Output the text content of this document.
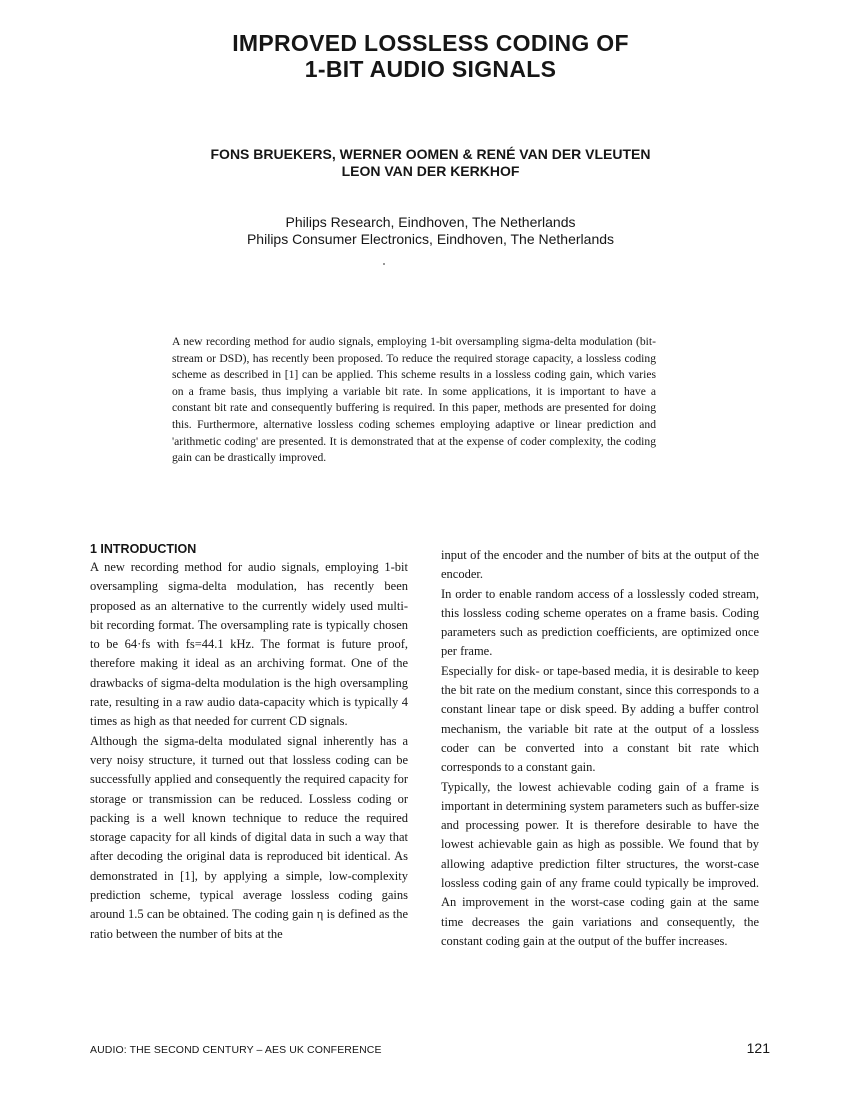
IMPROVED LOSSLESS CODING OF
1-BIT AUDIO SIGNALS
FONS BRUEKERS, WERNER OOMEN & RENÉ VAN DER VLEUTEN
LEON VAN DER KERKHOF
Philips Research, Eindhoven, The Netherlands
Philips Consumer Electronics, Eindhoven, The Netherlands
A new recording method for audio signals, employing 1-bit oversampling sigma-delta modulation (bit-stream or DSD), has recently been proposed. To reduce the required storage capacity, a lossless coding scheme as described in [1] can be applied. This scheme results in a lossless coding gain, which varies on a frame basis, thus implying a variable bit rate. In some applications, it is important to have a constant bit rate and consequently buffering is required. In this paper, methods are presented for doing this. Furthermore, alternative lossless coding schemes employing adaptive or linear prediction and 'arithmetic coding' are presented. It is demonstrated that at the expense of coder complexity, the coding gain can be drastically improved.
1 INTRODUCTION

A new recording method for audio signals, employing 1-bit oversampling sigma-delta modulation, has recently been proposed as an alternative to the currently widely used multi-bit recording format. The oversampling rate is typically chosen to be 64·fs with fs=44.1 kHz. The format is future proof, therefore making it ideal as an archiving format. One of the drawbacks of sigma-delta modulation is the high oversampling rate, resulting in a raw audio data-capacity which is typically 4 times as high as that needed for current CD signals.

Although the sigma-delta modulated signal inherently has a very noisy structure, it turned out that lossless coding can be successfully applied and consequently the required capacity for storage or transmission can be reduced. Lossless coding or packing is a well known technique to reduce the required storage capacity for all kinds of digital data in such a way that after decoding the original data is reproduced bit identical. As demonstrated in [1], by applying a simple, low-complexity prediction scheme, typical average lossless coding gains around 1.5 can be obtained. The coding gain η is defined as the ratio between the number of bits at the

input of the encoder and the number of bits at the output of the encoder.

In order to enable random access of a losslessly coded stream, this lossless coding scheme operates on a frame basis. Coding parameters such as prediction coefficients, are optimized once per frame.

Especially for disk- or tape-based media, it is desirable to keep the bit rate on the medium constant, since this corresponds to a constant linear tape or disk speed. By adding a buffer control mechanism, the variable bit rate at the output of a lossless coder can be converted into a constant bit rate which corresponds to a constant gain.

Typically, the lowest achievable coding gain of a frame is important in determining system parameters such as buffer-size and processing power. It is therefore desirable to have the lowest achievable gain as high as possible. We found that by allowing adaptive prediction filter structures, the worst-case lossless coding gain of any frame could typically be improved. An improvement in the worst-case coding gain at the same time decreases the gain variations and consequently, the constant coding gain at the output of the buffer increases.

AUDIO: THE SECOND CENTURY – AES UK CONFERENCE	121
